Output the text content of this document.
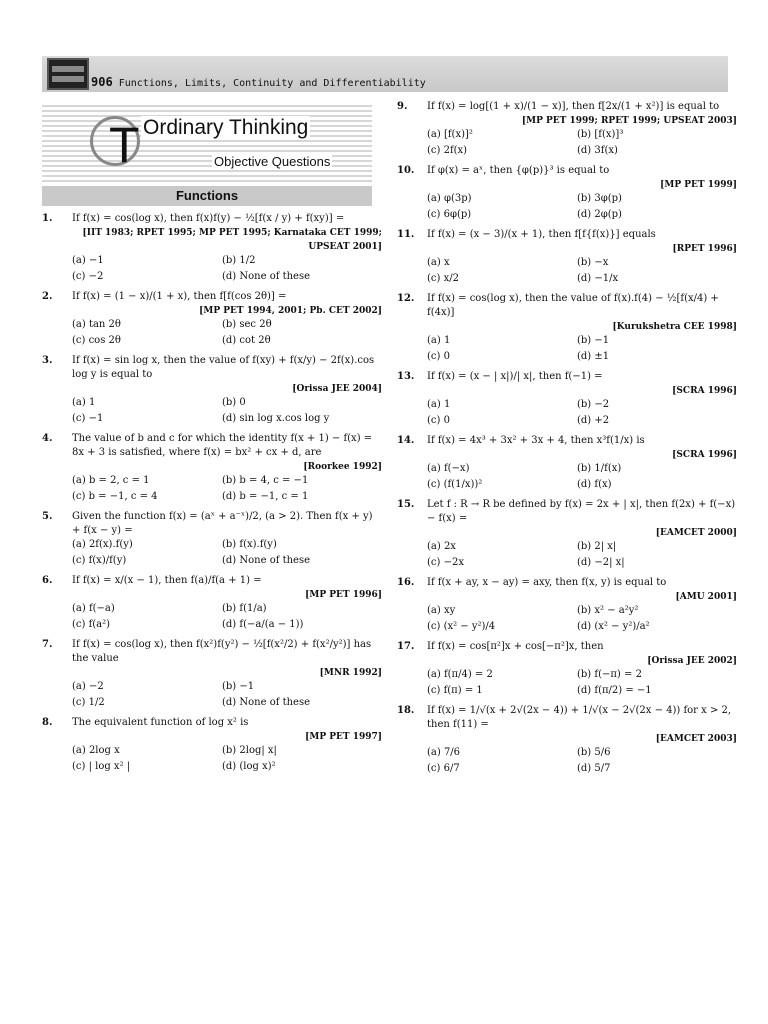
906 Functions, Limits, Continuity and Differentiability
T Ordinary Thinking
Objective Questions
Functions
1.	If f(x) = cos(log x), then f(x)f(y) − ½[f(x / y) + f(xy)] =
[IIT 1983; RPET 1995; MP PET 1995; Karnataka CET 1999; UPSEAT 2001]
(a) −1	(b) 1/2
(c) −2	(d) None of these
2.	If f(x) = (1 − x)/(1 + x), then f[f(cos 2θ)] =
[MP PET 1994, 2001; Pb. CET 2002]
(a) tan 2θ	(b) sec 2θ
(c) cos 2θ	(d) cot 2θ
3.	If f(x) = sin log x, then the value of f(xy) + f(x/y) − 2f(x).cos log y is equal to
[Orissa JEE 2004]
(a) 1	(b) 0
(c) −1	(d) sin log x.cos log y
4.	The value of b and c for which the identity f(x + 1) − f(x) = 8x + 3 is satisfied, where f(x) = bx² + cx + d, are
[Roorkee 1992]
(a) b = 2, c = 1	(b) b = 4, c = −1
(c) b = −1, c = 4	(d) b = −1, c = 1
5.	Given the function f(x) = (aˣ + a⁻ˣ)/2, (a > 2). Then f(x + y) + f(x − y) =
(a) 2f(x).f(y)	(b) f(x).f(y)
(c) f(x)/f(y)	(d) None of these
6.	If f(x) = x/(x − 1), then f(a)/f(a + 1) =
[MP PET 1996]
(a) f(−a)	(b) f(1/a)
(c) f(a²)	(d) f(−a/(a − 1))
7.	If f(x) = cos(log x), then f(x²)f(y²) − ½[f(x²/2) + f(x²/y²)] has the value
[MNR 1992]
(a) −2	(b) −1
(c) 1/2	(d) None of these
8.	The equivalent function of log x² is
[MP PET 1997]
(a) 2log x	(b) 2log| x|
(c) | log x² |	(d) (log x)²
9.	If f(x) = log[(1 + x)/(1 − x)], then f[2x/(1 + x²)] is equal to
[MP PET 1999; RPET 1999; UPSEAT 2003]
(a) [f(x)]²	(b) [f(x)]³
(c) 2f(x)	(d) 3f(x)
10.	If φ(x) = aˣ, then {φ(p)}³ is equal to
[MP PET 1999]
(a) φ(3p)	(b) 3φ(p)
(c) 6φ(p)	(d) 2φ(p)
11.	If f(x) = (x − 3)/(x + 1), then f[f{f(x)}] equals
[RPET 1996]
(a) x	(b) −x
(c) x/2	(d) −1/x
12.	If f(x) = cos(log x), then the value of f(x).f(4) − ½[f(x/4) + f(4x)]
[Kurukshetra CEE 1998]
(a) 1	(b) −1
(c) 0	(d) ±1
13.	If f(x) = (x − | x|)/| x|, then f(−1) =
[SCRA 1996]
(a) 1	(b) −2
(c) 0	(d) +2
14.	If f(x) = 4x³ + 3x² + 3x + 4, then x³f(1/x) is
[SCRA 1996]
(a) f(−x)	(b) 1/f(x)
(c) (f(1/x))²	(d) f(x)
15.	Let f : R → R be defined by f(x) = 2x + | x|, then f(2x) + f(−x) − f(x) =
[EAMCET 2000]
(a) 2x	(b) 2| x|
(c) −2x	(d) −2| x|
16.	If f(x + ay, x − ay) = axy, then f(x, y) is equal to
[AMU 2001]
(a) xy	(b) x² − a²y²
(c) (x² − y²)/4	(d) (x² − y²)/a²
17.	If f(x) = cos[π²]x + cos[−π²]x, then
[Orissa JEE 2002]
(a) f(π/4) = 2	(b) f(−π) = 2
(c) f(π) = 1	(d) f(π/2) = −1
18.	If f(x) = 1/√(x + 2√(2x − 4)) + 1/√(x − 2√(2x − 4)) for x > 2, then f(11) =
[EAMCET 2003]
(a) 7/6	(b) 5/6
(c) 6/7	(d) 5/7
